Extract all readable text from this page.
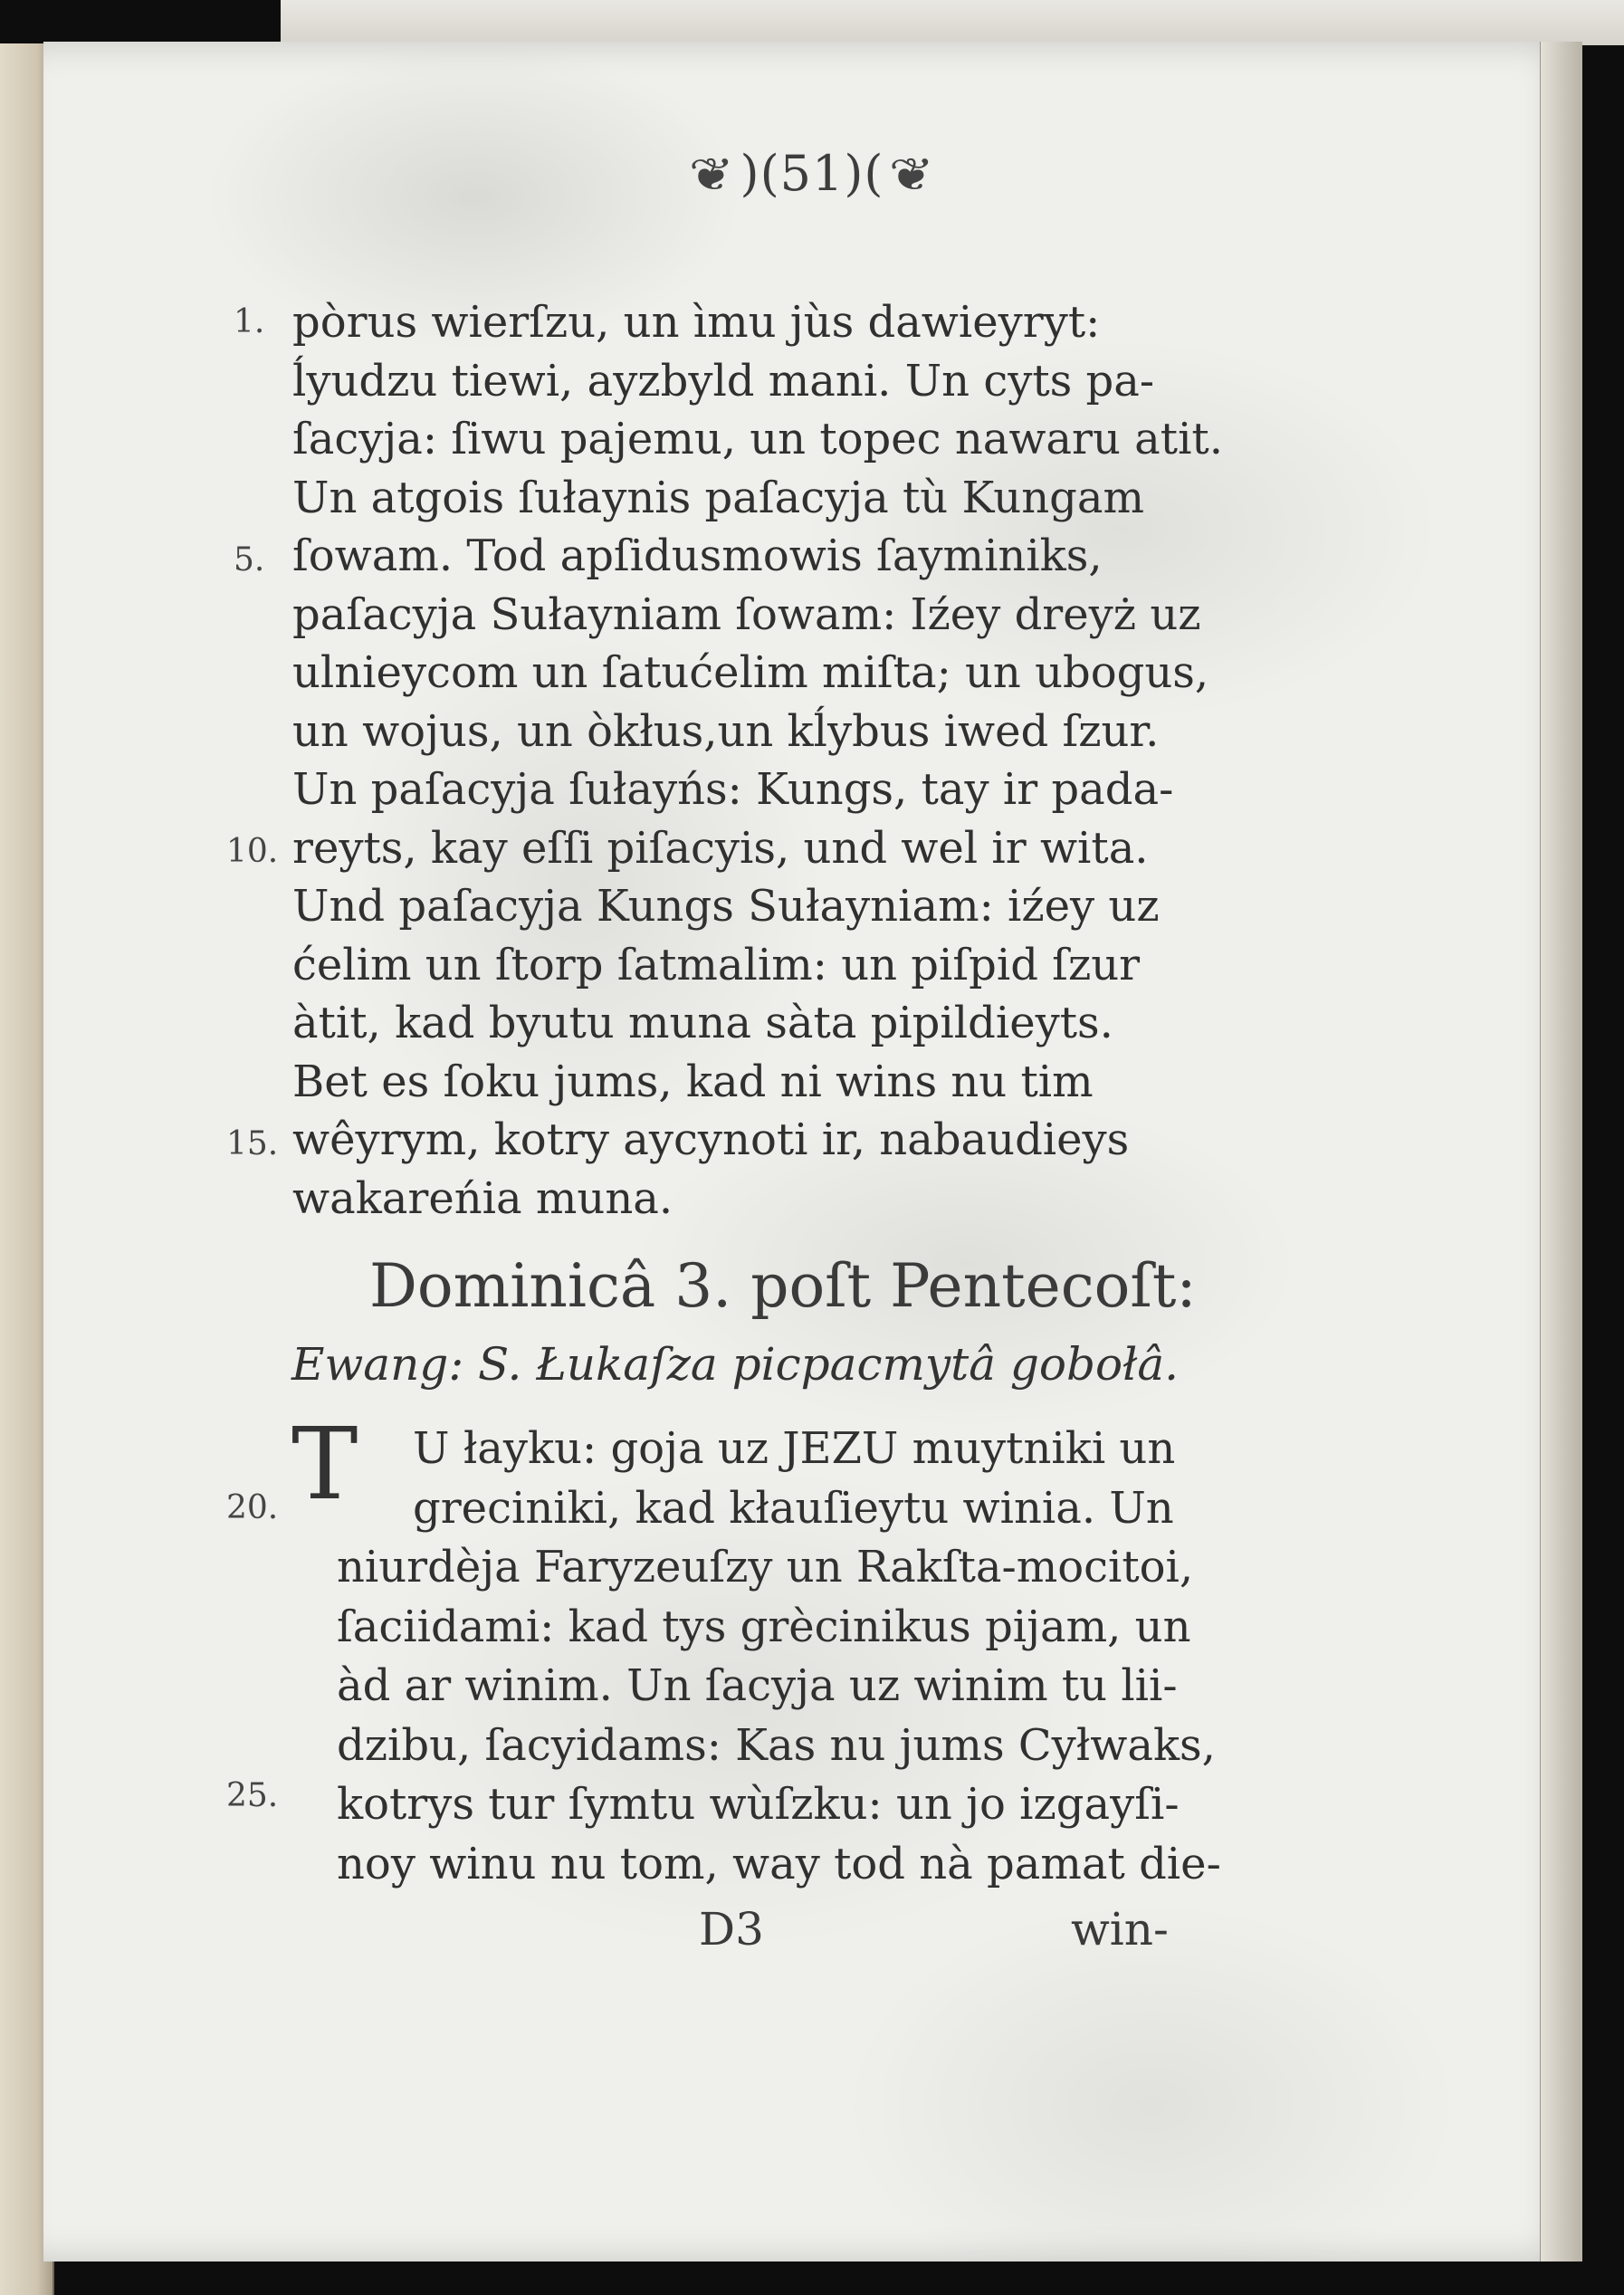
❦ )(51)( ❦
pòrus wierſzu, un ìmu jùs dawieyryt:
ĺyudzu tiewi, ayzbyld mani. Un cyts pa-
ſacyja: ſiwu pajemu, un topec nawaru atit.
Un atgois ſułaynis paſacyja tù Kungam
ſowam. Tod apſidusmowis ſayminiks,
paſacyja Sułayniam ſowam: Iźey dreyż uz
ulnieycom un ſatućelim miſta; un ubogus,
un wojus, un òkłus,un kĺybus iwed ſzur.
Un paſacyja ſułayńs: Kungs, tay ir pada-
reyts, kay eſſi piſacyis, und wel ir wita.
Und paſacyja Kungs Sułayniam: iźey uz
ćelim un ſtorp ſatmalim: un piſpid ſzur
àtit, kad byutu muna sàta pipildieyts.
Bet es ſoku jums, kad ni wins nu tim
wêyrym, kotry aycynoti ir, nabaudieys
wakareńia muna.
1.
5.
10.
15.
20.
25.
Dominicâ 3. poſt Pentecoſt:
Ewang: S. Łukaſza picpacmytâ gobołâ.
T U łayku: goja uz JEZU muytniki un
greciniki, kad kłauſieytu winia. Un
niurdèja Faryzeuſzy un Rakſta-mocitoi,
ſaciidami: kad tys grècinikus pijam, un
àd ar winim. Un ſacyja uz winim tu lii-
dzibu, ſacyidams: Kas nu jums Cyłwaks,
kotrys tur ſymtu wùſzku: un jo izgayſi-
noy winu nu tom, way tod nà pamat die-
D3	win-
